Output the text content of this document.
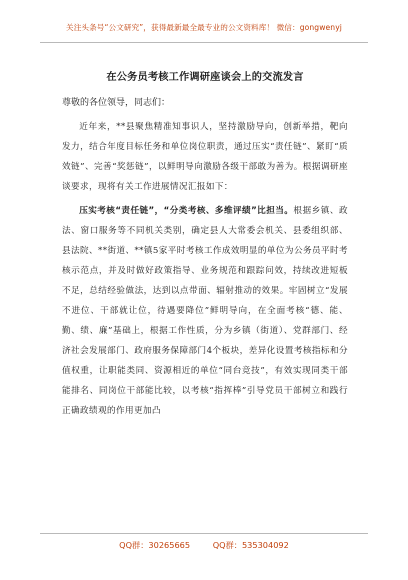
关注头条号“公文研究”，获得最新最全最专业的公文资料库！ 微信：gongwenyj
在公务员考核工作调研座谈会上的交流发言
尊敬的各位领导，同志们：

近年来，**县聚焦精准知事识人，坚持激励导向，创新举措，靶向发力，结合年度目标任务和单位岗位职责，通过压实“责任链”、紧盯“质效链”、完善“奖惩链”，以鲜明导向激励各级干部敢为善为。根据调研座谈要求，现将有关工作进展情况汇报如下：

压实考核“责任链”，“分类考核、多维评绩”比担当。根据乡镇、政法、窗口服务等不同机关类别，确定县人大常委会机关、县委组织部、县法院、**街道、**镇5家平时考核工作成效明显的单位为公务员平时考核示范点，并及时做好政策指导、业务规范和跟踪问效，持续改进短板不足，总结经验做法，达到以点带面、辐射推动的效果。牢固树立“发展不进位、干部就让位，待遇要降位”鲜明导向，在全面考核“德、能、勤、绩、廉”基础上，根据工作性质，分为乡镇（街道）、党群部门、经济社会发展部门、政府服务保障部门4个板块，差异化设置考核指标和分值权重，让职能类同、资源相近的单位“同台竞技”，有效实现同类干部能排名、同岗位干部能比较，以考核“指挥棒”引导党员干部树立和践行正确政绩观的作用更加凸

QQ群：30265665	QQ群：535304092
